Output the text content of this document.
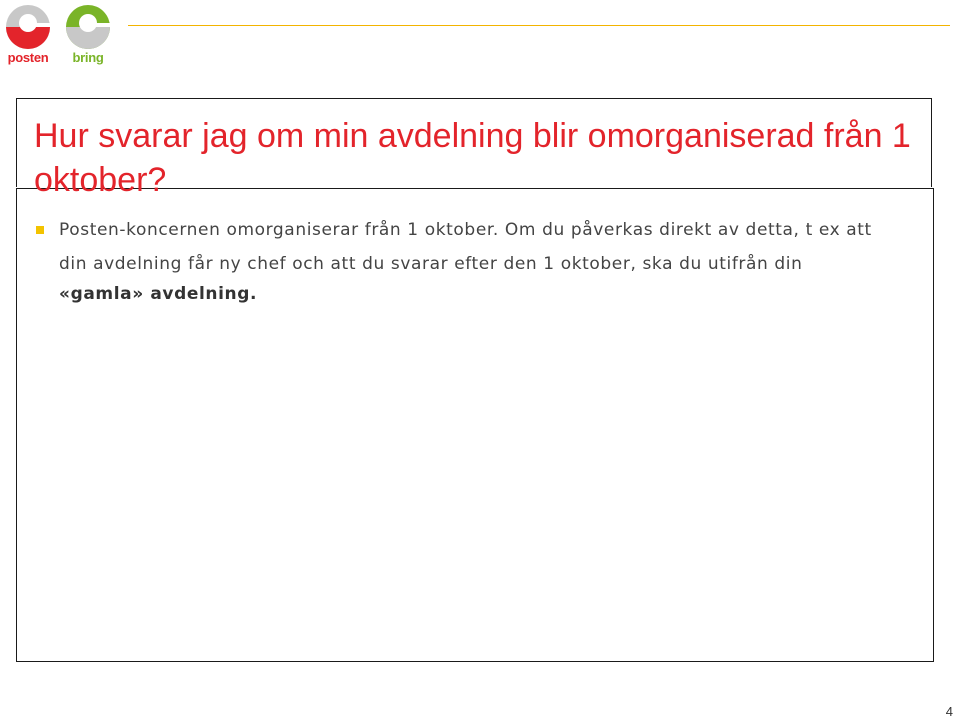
posten	bring
Hur svarar jag om min avdelning blir omorganiserad från 1 oktober?
Posten-koncernen omorganiserar från 1 oktober. Om du påverkas direkt av detta, t ex att
din avdelning får ny chef och att du svarar efter den 1 oktober, ska du utifrån din
«gamla» avdelning.
4
